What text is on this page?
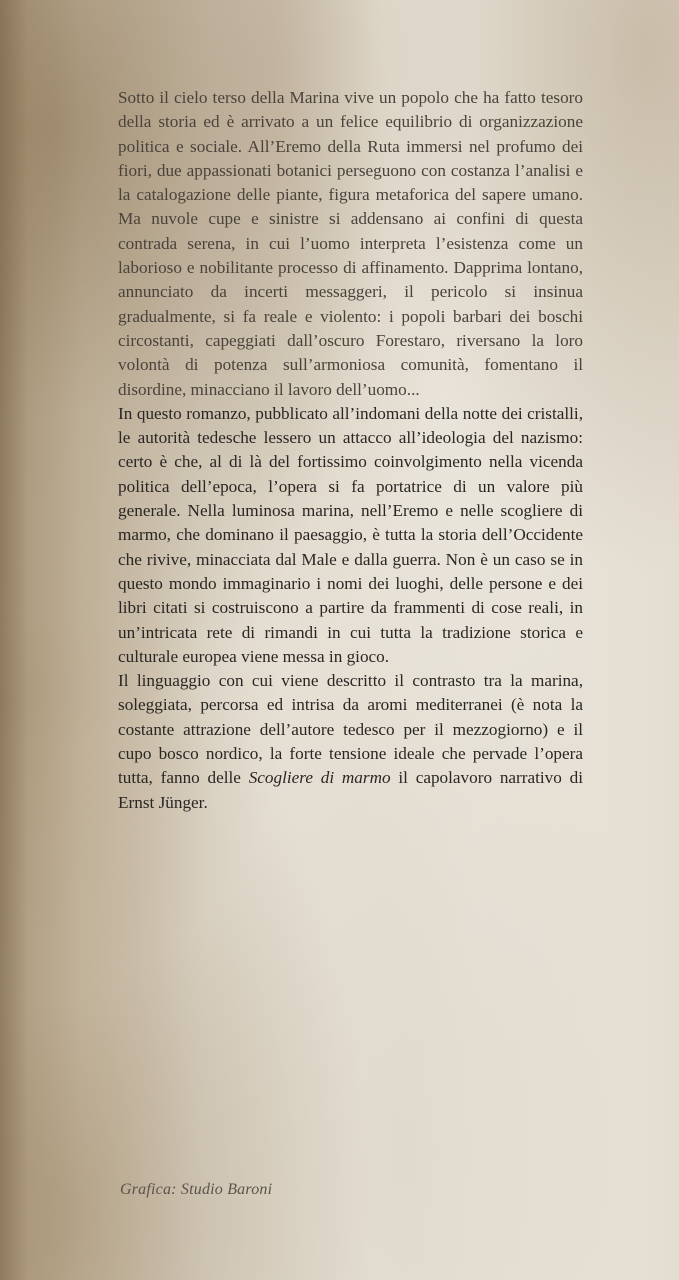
Sotto il cielo terso della Marina vive un popolo che ha fatto tesoro della storia ed è arrivato a un felice equilibrio di organizzazione politica e sociale. All’Eremo della Ruta immersi nel profumo dei fiori, due appassionati botanici perseguono con costanza l’analisi e la catalogazione delle piante, figura metaforica del sapere umano. Ma nuvole cupe e sinistre si addensano ai confini di questa contrada serena, in cui l’uomo interpreta l’esistenza come un laborioso e nobilitante processo di affinamento. Dapprima lontano, annunciato da incerti messaggeri, il pericolo si insinua gradualmente, si fa reale e violento: i popoli barbari dei boschi circostanti, capeggiati dall’oscuro Forestaro, riversano la loro volontà di potenza sull’armoniosa comunità, fomentano il disordine, minacciano il lavoro dell’uomo...

In questo romanzo, pubblicato all’indomani della notte dei cristalli, le autorità tedesche lessero un attacco all’ideologia del nazismo: certo è che, al di là del fortissimo coinvolgimento nella vicenda politica dell’epoca, l’opera si fa portatrice di un valore più generale. Nella luminosa marina, nell’Eremo e nelle scogliere di marmo, che dominano il paesaggio, è tutta la storia dell’Occidente che rivive, minacciata dal Male e dalla guerra. Non è un caso se in questo mondo immaginario i nomi dei luoghi, delle persone e dei libri citati si costruiscono a partire da frammenti di cose reali, in un’intricata rete di rimandi in cui tutta la tradizione storica e culturale europea viene messa in gioco.

Il linguaggio con cui viene descritto il contrasto tra la marina, soleggiata, percorsa ed intrisa da aromi mediterranei (è nota la costante attrazione dell’autore tedesco per il mezzogiorno) e il cupo bosco nordico, la forte tensione ideale che pervade l’opera tutta, fanno delle Scogliere di marmo il capolavoro narrativo di Ernst Jünger.

Grafica: Studio Baroni
